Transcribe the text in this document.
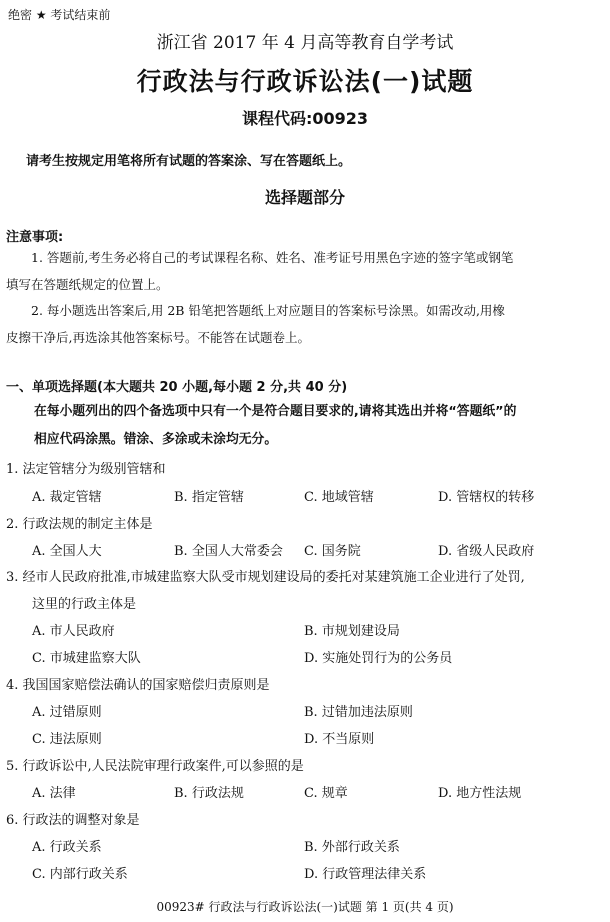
绝密 ★ 考试结束前
浙江省 2017 年 4 月高等教育自学考试
行政法与行政诉讼法(一)试题
课程代码:00923
请考生按规定用笔将所有试题的答案涂、写在答题纸上。
选择题部分
注意事项:
　　1. 答题前,考生务必将自己的考试课程名称、姓名、准考证号用黑色字迹的签字笔或钢笔
填写在答题纸规定的位置上。
　　2. 每小题选出答案后,用 2B 铅笔把答题纸上对应题目的答案标号涂黑。如需改动,用橡
皮擦干净后,再选涂其他答案标号。不能答在试题卷上。
一、单项选择题(本大题共 20 小题,每小题 2 分,共 40 分)
在每小题列出的四个备选项中只有一个是符合题目要求的,请将其选出并将“答题纸”的
相应代码涂黑。错涂、多涂或未涂均无分。
1. 法定管辖分为级别管辖和
A. 裁定管辖	B. 指定管辖	C. 地域管辖	D. 管辖权的转移
2. 行政法规的制定主体是
A. 全国人大	B. 全国人大常委会 C. 国务院	D. 省级人民政府
3. 经市人民政府批准,市城建监察大队受市规划建设局的委托对某建筑施工企业进行了处罚,
这里的行政主体是
A. 市人民政府	B. 市规划建设局
C. 市城建监察大队	D. 实施处罚行为的公务员
4. 我国国家赔偿法确认的国家赔偿归责原则是
A. 过错原则	B. 过错加违法原则
C. 违法原则	D. 不当原则
5. 行政诉讼中,人民法院审理行政案件,可以参照的是
A. 法律	B. 行政法规	C. 规章	D. 地方性法规
6. 行政法的调整对象是
A. 行政关系	B. 外部行政关系
C. 内部行政关系	D. 行政管理法律关系
00923# 行政法与行政诉讼法(一)试题 第 1 页(共 4 页)
